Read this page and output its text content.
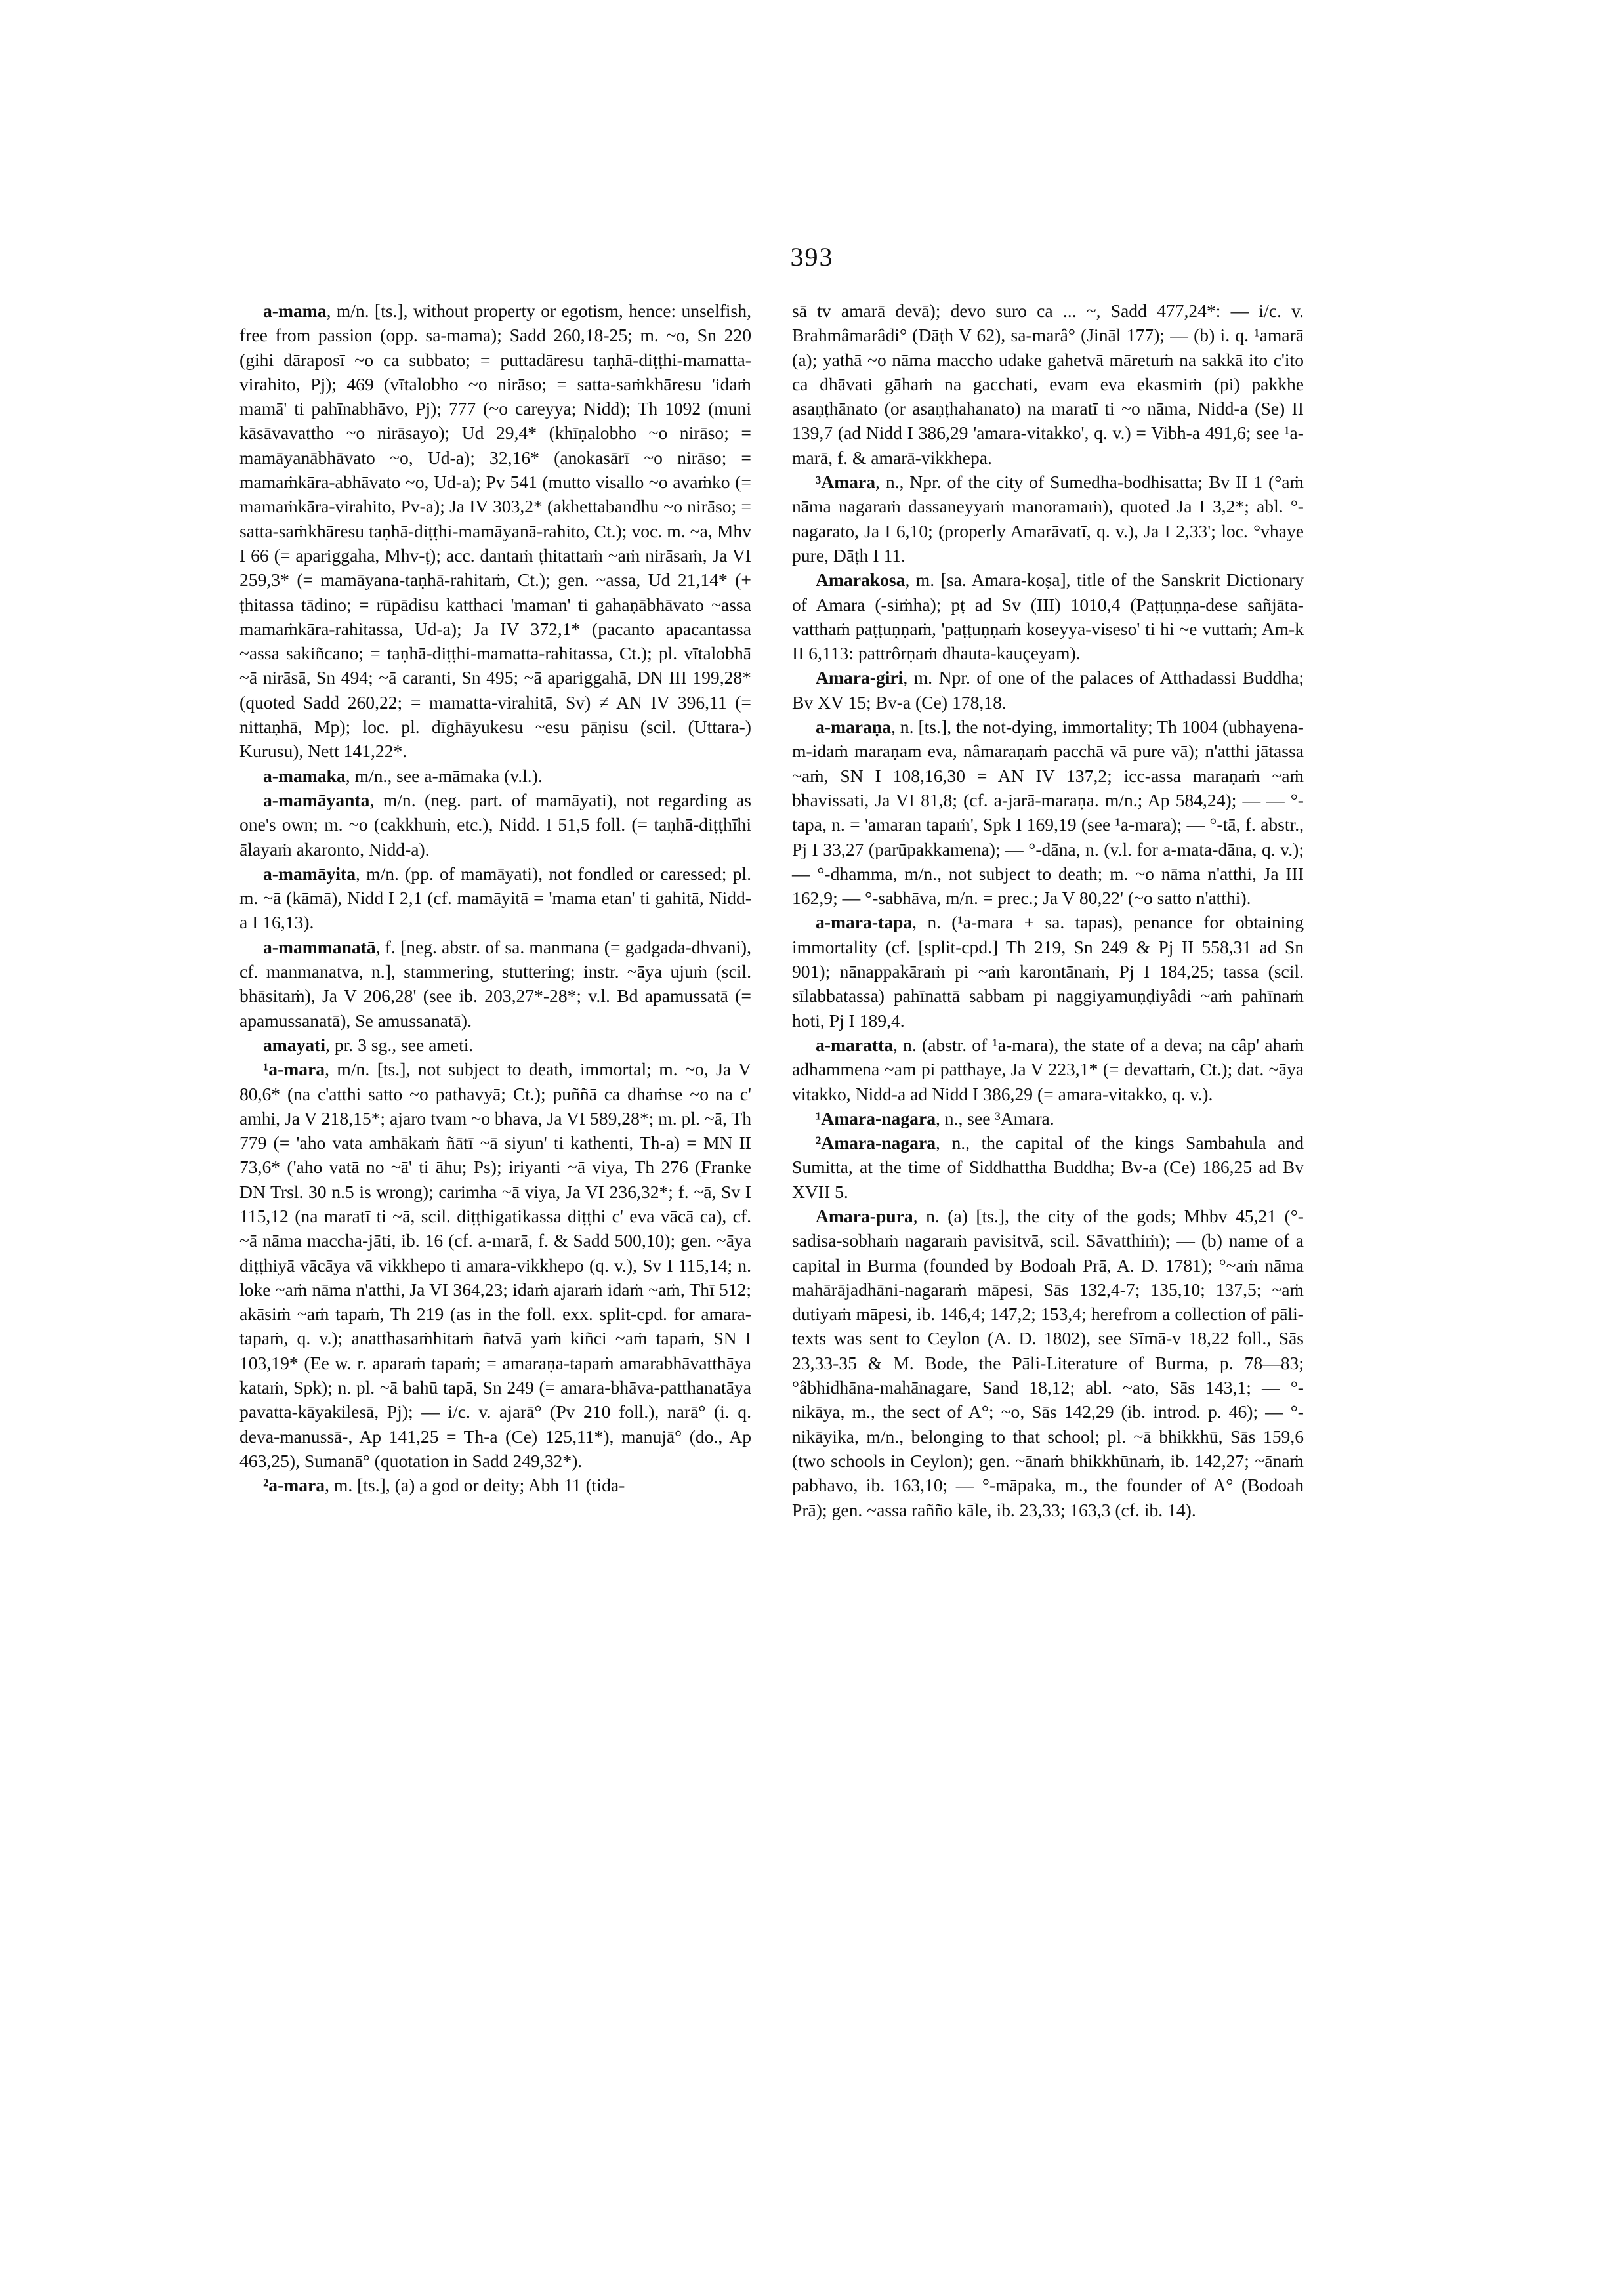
393

a-mama, m/n. [ts.], without property or egotism, hence: unselfish, free from passion (opp. sa-mama); Sadd 260,18-25; m. ~o, Sn 220 (gihi dāraposī ~o ca subbato; = puttadāresu taṇhā-diṭṭhi-mamatta-virahito, Pj); 469 (vītalobho ~o nirāso; = satta-saṁkhāresu 'idaṁ mamā' ti pahīnabhāvo, Pj); 777 (~o careyya; Nidd); Th 1092 (muni kāsāvavattho ~o nirāsayo); Ud 29,4* (khīṇalobho ~o nirāso; = mamāyanābhāvato ~o, Ud-a); 32,16* (anokasārī ~o nirāso; = mamaṁkāra-abhāvato ~o, Ud-a); Pv 541 (mutto visallo ~o avaṁko (= mamaṁkāra-virahito, Pv-a); Ja IV 303,2* (akhettabandhu ~o nirāso; = satta-saṁkhāresu taṇhā-diṭṭhi-mamāyanā-rahito, Ct.); voc. m. ~a, Mhv I 66 (= apariggaha, Mhv-ṭ); acc. dantaṁ ṭhitattaṁ ~aṁ nirāsaṁ, Ja VI 259,3* (= mamāyana-taṇhā-rahitaṁ, Ct.); gen. ~assa, Ud 21,14* (+ ṭhitassa tādino; = rūpādisu katthaci 'maman' ti gahaṇābhāvato ~assa mamaṁkāra-rahitassa, Ud-a); Ja IV 372,1* (pacanto apacantassa ~assa sakiñcano; = taṇhā-diṭṭhi-mamatta-rahitassa, Ct.); pl. vītalobhā ~ā nirāsā, Sn 494; ~ā caranti, Sn 495; ~ā apariggahā, DN III 199,28* (quoted Sadd 260,22; = mamatta-virahitā, Sv) ≠ AN IV 396,11 (= nittaṇhā, Mp); loc. pl. dīghāyukesu ~esu pāṇisu (scil. (Uttara-) Kurusu), Nett 141,22*.

a-mamaka, m/n., see a-māmaka (v.l.).

a-mamāyanta, m/n. (neg. part. of mamāyati), not regarding as one's own; m. ~o (cakkhuṁ, etc.), Nidd. I 51,5 foll. (= taṇhā-diṭṭhīhi ālayaṁ akaronto, Nidd-a).

a-mamāyita, m/n. (pp. of mamāyati), not fondled or caressed; pl. m. ~ā (kāmā), Nidd I 2,1 (cf. mamāyitā = 'mama etan' ti gahitā, Nidd-a I 16,13).

a-mammanatā, f. [neg. abstr. of sa. manmana (= gadgada-dhvani), cf. manmanatva, n.], stammering, stuttering; instr. ~āya ujuṁ (scil. bhāsitaṁ), Ja V 206,28' (see ib. 203,27*-28*; v.l. Bd apamussatā (= apamussanatā), Se amussanatā).

amayati, pr. 3 sg., see ameti.

¹a-mara, m/n. [ts.], not subject to death, immortal; m. ~o, Ja V 80,6* (na c'atthi satto ~o pathavyā; Ct.); puññā ca dhaṁse ~o na c' amhi, Ja V 218,15*; ajaro tvam ~o bhava, Ja VI 589,28*; m. pl. ~ā, Th 779 (= 'aho vata amhākaṁ ñātī ~ā siyun' ti kathenti, Th-a) = MN II 73,6* ('aho vatā no ~ā' ti āhu; Ps); iriyanti ~ā viya, Th 276 (Franke DN Trsl. 30 n.5 is wrong); carimha ~ā viya, Ja VI 236,32*; f. ~ā, Sv I 115,12 (na maratī ti ~ā, scil. diṭṭhigatikassa diṭṭhi c' eva vācā ca), cf. ~ā nāma maccha-jāti, ib. 16 (cf. a-marā, f. & Sadd 500,10); gen. ~āya diṭṭhiyā vācāya vā vikkhepo ti amara-vikkhepo (q. v.), Sv I 115,14; n. loke ~aṁ nāma n'atthi, Ja VI 364,23; idaṁ ajaraṁ idaṁ ~aṁ, Thī 512; akāsiṁ ~aṁ tapaṁ, Th 219 (as in the foll. exx. split-cpd. for amara-tapaṁ, q. v.); anatthasaṁhitaṁ ñatvā yaṁ kiñci ~aṁ tapaṁ, SN I 103,19* (Ee w. r. aparaṁ tapaṁ; = amaraṇa-tapaṁ amarabhāvatthāya kataṁ, Spk); n. pl. ~ā bahū tapā, Sn 249 (= amara-bhāva-patthanatāya pavatta-kāyakilesā, Pj); — i/c. v. ajarā° (Pv 210 foll.), narā° (i. q. deva-manussā-, Ap 141,25 = Th-a (Ce) 125,11*), manujā° (do., Ap 463,25), Sumanā° (quotation in Sadd 249,32*).

²a-mara, m. [ts.], (a) a god or deity; Abh 11 (tida-

sā tv amarā devā); devo suro ca ... ~, Sadd 477,24*: — i/c. v. Brahmâmarâdi° (Dāṭh V 62), sa-marâ° (Jināl 177); — (b) i. q. ¹amarā (a); yathā ~o nāma maccho udake gahetvā māretuṁ na sakkā ito c'ito ca dhāvati gāhaṁ na gacchati, evam eva ekasmiṁ (pi) pakkhe asaṇṭhānato (or asaṇṭhahanato) na maratī ti ~o nāma, Nidd-a (Se) II 139,7 (ad Nidd I 386,29 'amara-vitakko', q. v.) = Vibh-a 491,6; see ¹a-marā, f. & amarā-vikkhepa.

³Amara, n., Npr. of the city of Sumedha-bodhisatta; Bv II 1 (°aṁ nāma nagaraṁ dassaneyyaṁ manoramaṁ), quoted Ja I 3,2*; abl. °-nagarato, Ja I 6,10; (properly Amarāvatī, q. v.), Ja I 2,33'; loc. °vhaye pure, Dāṭh I 11.

Amarakosa, m. [sa. Amara-koṣa], title of the Sanskrit Dictionary of Amara (-siṁha); pṭ ad Sv (III) 1010,4 (Paṭṭuṇṇa-dese sañjāta-vatthaṁ paṭṭuṇṇaṁ, 'paṭṭuṇṇaṁ koseyya-viseso' ti hi ~e vuttaṁ; Am-k II 6,113: pattrôrṇaṁ dhauta-kauçeyam).

Amara-giri, m. Npr. of one of the palaces of Atthadassi Buddha; Bv XV 15; Bv-a (Ce) 178,18.

a-maraṇa, n. [ts.], the not-dying, immortality; Th 1004 (ubhayena-m-idaṁ maraṇam eva, nâmaraṇaṁ pacchā vā pure vā); n'atthi jātassa ~aṁ, SN I 108,16,30 = AN IV 137,2; icc-assa maraṇaṁ ~aṁ bhavissati, Ja VI 81,8; (cf. a-jarā-maraṇa. m/n.; Ap 584,24); — — °-tapa, n. = 'amaran tapaṁ', Spk I 169,19 (see ¹a-mara); — °-tā, f. abstr., Pj I 33,27 (parūpakkamena); — °-dāna, n. (v.l. for a-mata-dāna, q. v.); — °-dhamma, m/n., not subject to death; m. ~o nāma n'atthi, Ja III 162,9; — °-sabhāva, m/n. = prec.; Ja V 80,22' (~o satto n'atthi).

a-mara-tapa, n. (¹a-mara + sa. tapas), penance for obtaining immortality (cf. [split-cpd.] Th 219, Sn 249 & Pj II 558,31 ad Sn 901); nānappakāraṁ pi ~aṁ karontānaṁ, Pj I 184,25; tassa (scil. sīlabbatassa) pahīnattā sabbam pi naggiyamuṇḍiyâdi ~aṁ pahīnaṁ hoti, Pj I 189,4.

a-maratta, n. (abstr. of ¹a-mara), the state of a deva; na câp' ahaṁ adhammena ~am pi patthaye, Ja V 223,1* (= devattaṁ, Ct.); dat. ~āya vitakko, Nidd-a ad Nidd I 386,29 (= amara-vitakko, q. v.).

¹Amara-nagara, n., see ³Amara.

²Amara-nagara, n., the capital of the kings Sambahula and Sumitta, at the time of Siddhattha Buddha; Bv-a (Ce) 186,25 ad Bv XVII 5.

Amara-pura, n. (a) [ts.], the city of the gods; Mhbv 45,21 (°-sadisa-sobhaṁ nagaraṁ pavisitvā, scil. Sāvatthiṁ); — (b) name of a capital in Burma (founded by Bodoah Prā, A. D. 1781); °~aṁ nāma mahārājadhāni-nagaraṁ māpesi, Sās 132,4-7; 135,10; 137,5; ~aṁ dutiyaṁ māpesi, ib. 146,4; 147,2; 153,4; herefrom a collection of pāli-texts was sent to Ceylon (A. D. 1802), see Sīmā-v 18,22 foll., Sās 23,33-35 & M. Bode, the Pāli-Literature of Burma, p. 78—83; °âbhidhāna-mahānagare, Sand 18,12; abl. ~ato, Sās 143,1; — °-nikāya, m., the sect of A°; ~o, Sās 142,29 (ib. introd. p. 46); — °-nikāyika, m/n., belonging to that school; pl. ~ā bhikkhū, Sās 159,6 (two schools in Ceylon); gen. ~ānaṁ bhikkhūnaṁ, ib. 142,27; ~ānaṁ pabhavo, ib. 163,10; — °-māpaka, m., the founder of A° (Bodoah Prā); gen. ~assa rañño kāle, ib. 23,33; 163,3 (cf. ib. 14).
